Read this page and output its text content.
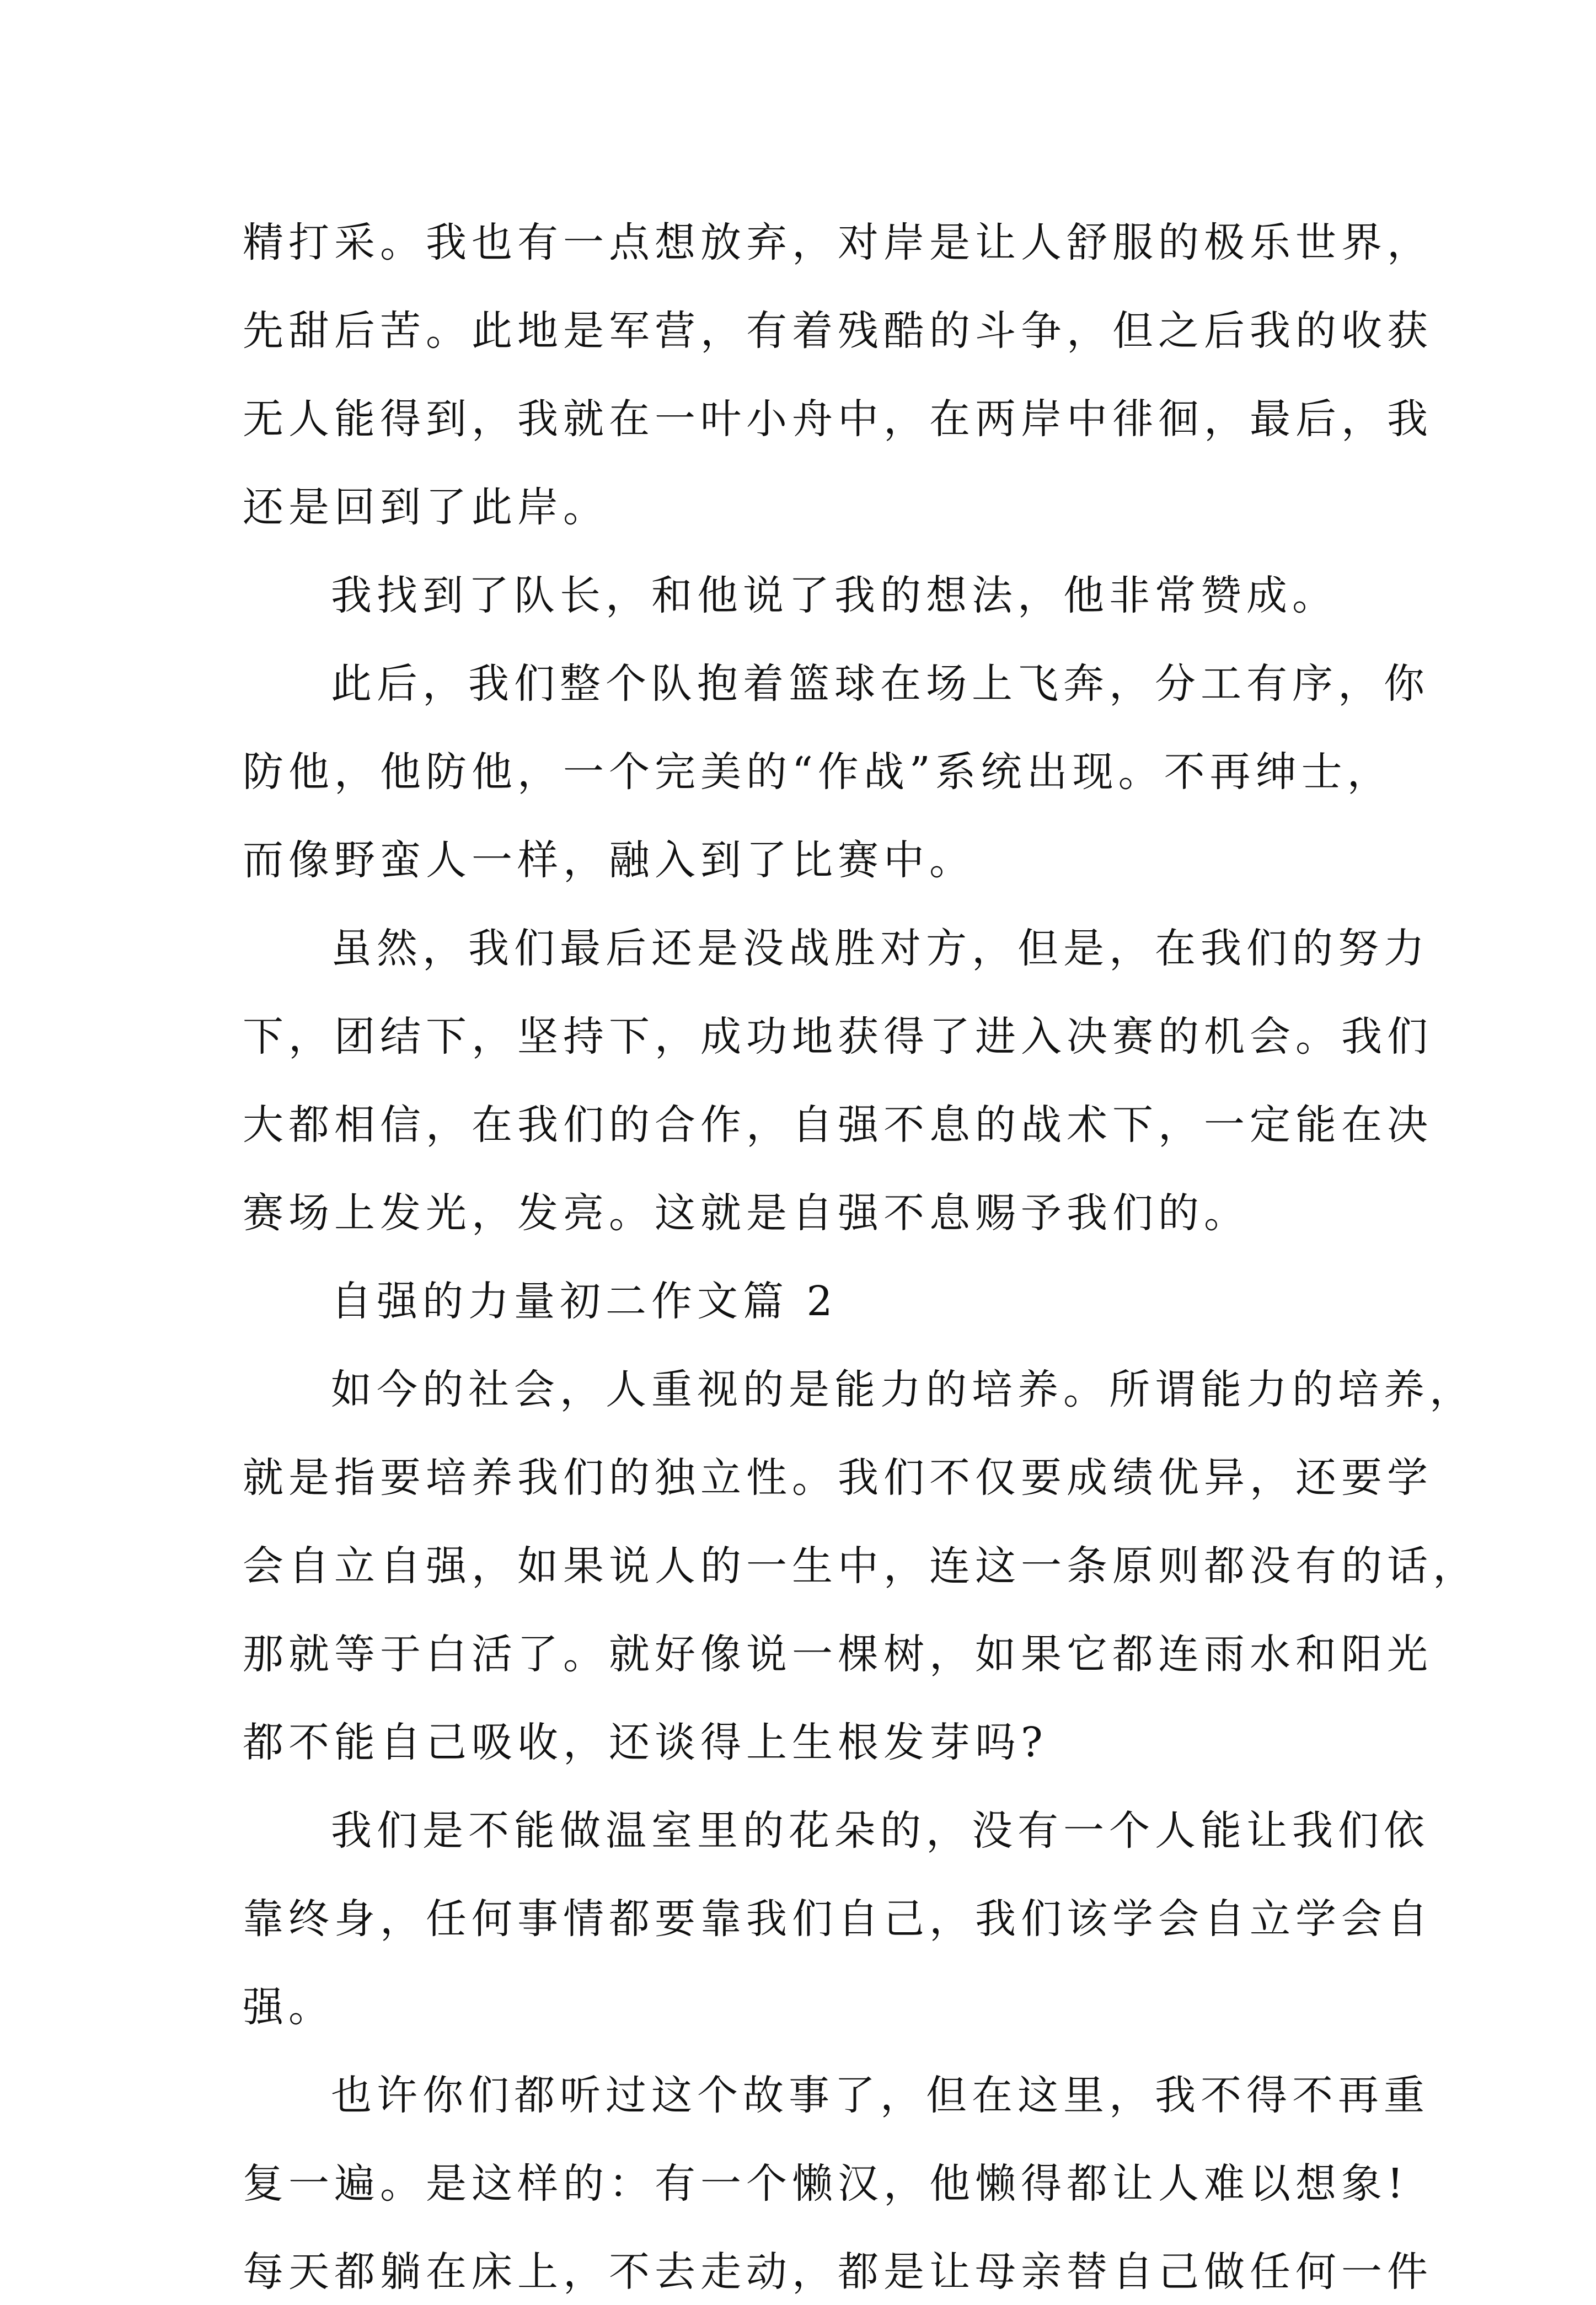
精打采。我也有一点想放弃，对岸是让人舒服的极乐世界，
先甜后苦。此地是军营，有着残酷的斗争，但之后我的收获
无人能得到，我就在一叶小舟中，在两岸中徘徊，最后，我
还是回到了此岸。
我找到了队长，和他说了我的想法，他非常赞成。
此后，我们整个队抱着篮球在场上飞奔，分工有序，你
防他，他防他，一个完美的“作战”系统出现。不再绅士，
而像野蛮人一样，融入到了比赛中。
虽然，我们最后还是没战胜对方，但是，在我们的努力
下，团结下，坚持下，成功地获得了进入决赛的机会。我们
大都相信，在我们的合作，自强不息的战术下，一定能在决
赛场上发光，发亮。这就是自强不息赐予我们的。
自强的力量初二作文篇 2
如今的社会，人重视的是能力的培养。所谓能力的培养，
就是指要培养我们的独立性。我们不仅要成绩优异，还要学
会自立自强，如果说人的一生中，连这一条原则都没有的话，
那就等于白活了。就好像说一棵树，如果它都连雨水和阳光
都不能自己吸收，还谈得上生根发芽吗?
我们是不能做温室里的花朵的，没有一个人能让我们依
靠终身，任何事情都要靠我们自己，我们该学会自立学会自
强。
也许你们都听过这个故事了，但在这里，我不得不再重
复一遍。是这样的：有一个懒汉，他懒得都让人难以想象!
每天都躺在床上，不去走动，都是让母亲替自己做任何一件
